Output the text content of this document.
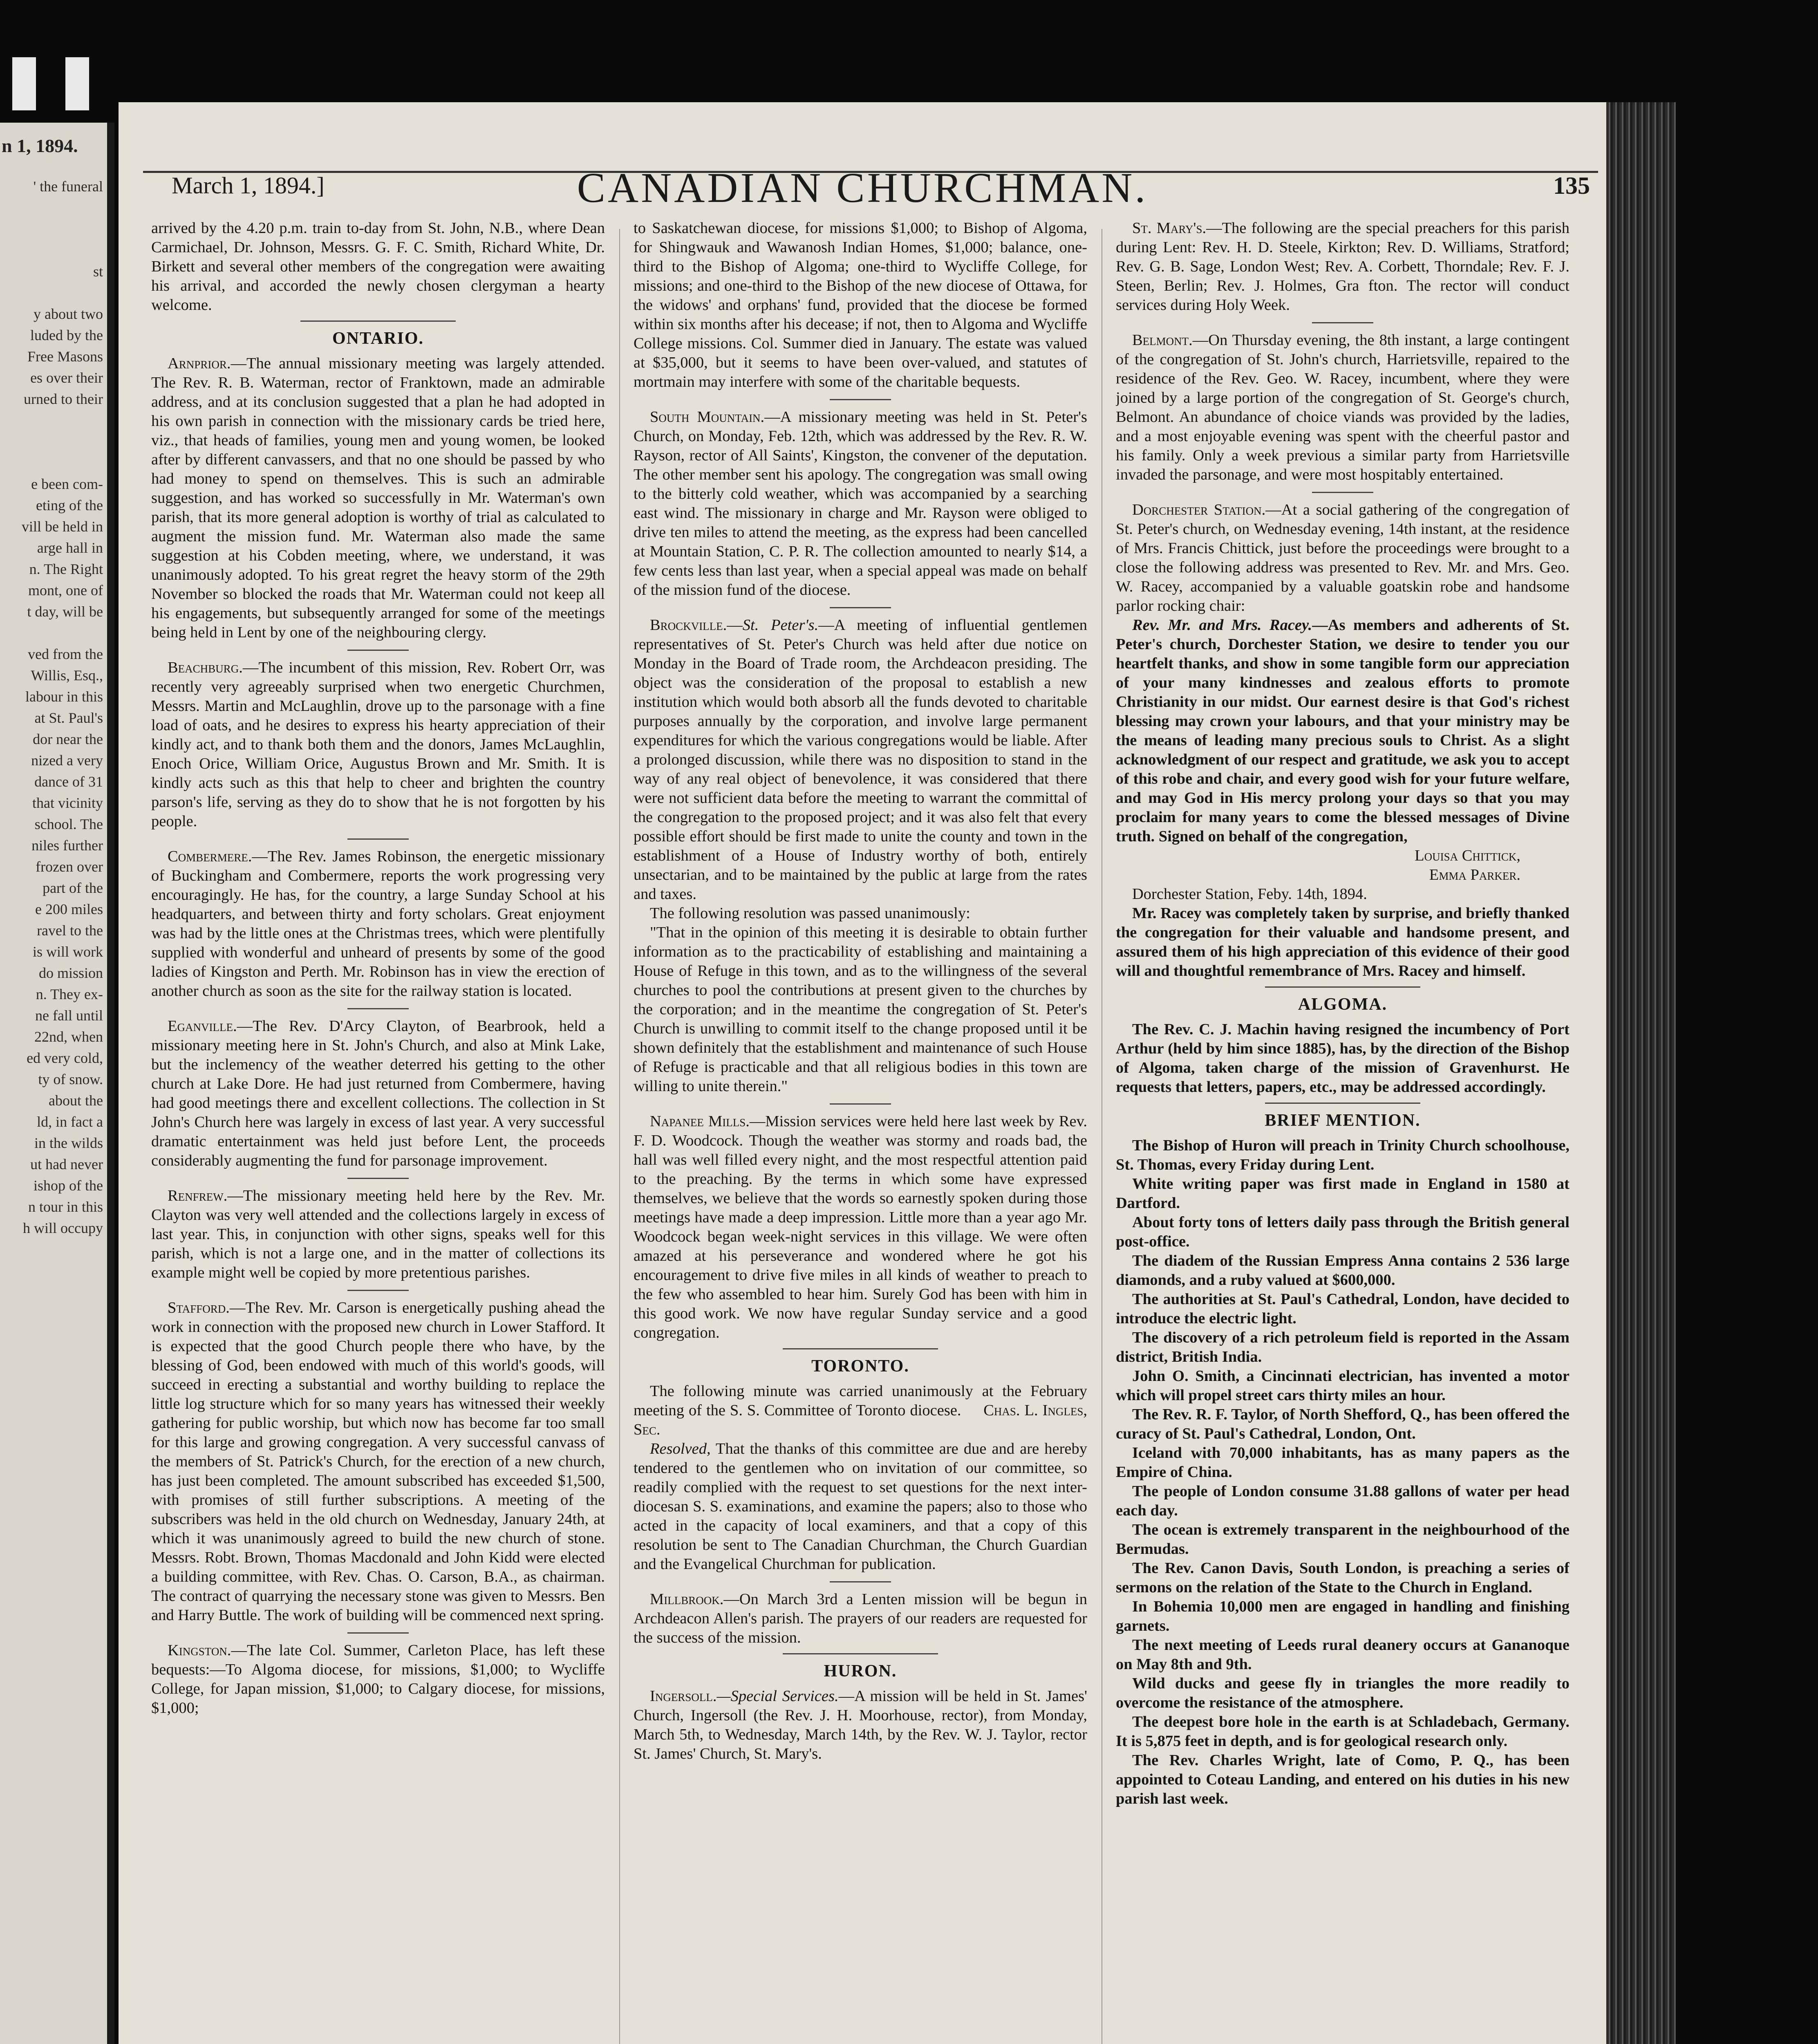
n 1, 1894.
' the funeral

st

y about two
luded by the
Free Masons
es over their
urned to their

e been com-
eting of the
vill be held in
arge hall in
n. The Right
mont, one of
t day, will be

ved from the
Willis, Esq.,
labour in this
at St. Paul's
dor near the
nized a very
dance of 31
that vicinity
school. The
niles further
frozen over
part of the
e 200 miles
ravel to the
is will work
do mission
n. They ex-
ne fall until
22nd, when
ed very cold,
ty of snow.
about the
ld, in fact a
in the wilds
ut had never
ishop of the
n tour in this
h will occupy
CANADIAN CHURCHMAN.
March 1, 1894.]	135

arrived by the 4.20 p.m. train to-day from St. John, N.B., where Dean Carmichael, Dr. Johnson, Messrs. G. F. C. Smith, Richard White, Dr. Birkett and several other members of the congregation were awaiting his arrival, and accorded the newly chosen clergyman a hearty welcome.

ONTARIO.

Arnprior.—The annual missionary meeting was largely attended. The Rev. R. B. Waterman, rector of Franktown, made an admirable address, and at its conclusion suggested that a plan he had adopted in his own parish in connection with the missionary cards be tried here, viz., that heads of families, young men and young women, be looked after by different canvassers, and that no one should be passed by who had money to spend on themselves. This is such an admirable suggestion, and has worked so successfully in Mr. Waterman's own parish, that its more general adoption is worthy of trial as calculated to augment the mission fund. Mr. Waterman also made the same suggestion at his Cobden meeting, where, we understand, it was unanimously adopted. To his great regret the heavy storm of the 29th November so blocked the roads that Mr. Waterman could not keep all his engagements, but subsequently arranged for some of the meetings being held in Lent by one of the neighbouring clergy.

Beachburg.—The incumbent of this mission, Rev. Robert Orr, was recently very agreeably surprised when two energetic Churchmen, Messrs. Martin and McLaughlin, drove up to the parsonage with a fine load of oats, and he desires to express his hearty appreciation of their kindly act, and to thank both them and the donors, James McLaughlin, Enoch Orice, William Orice, Augustus Brown and Mr. Smith. It is kindly acts such as this that help to cheer and brighten the country parson's life, serving as they do to show that he is not forgotten by his people.

Combermere.—The Rev. James Robinson, the energetic missionary of Buckingham and Combermere, reports the work progressing very encouragingly. He has, for the country, a large Sunday School at his headquarters, and between thirty and forty scholars. Great enjoyment was had by the little ones at the Christmas trees, which were plentifully supplied with wonderful and unheard of presents by some of the good ladies of Kingston and Perth. Mr. Robinson has in view the erection of another church as soon as the site for the railway station is located.

Eganville.—The Rev. D'Arcy Clayton, of Bearbrook, held a missionary meeting here in St. John's Church, and also at Mink Lake, but the inclemency of the weather deterred his getting to the other church at Lake Dore. He had just returned from Combermere, having had good meetings there and excellent collections. The collection in St John's Church here was largely in excess of last year. A very successful dramatic entertainment was held just before Lent, the proceeds considerably augmenting the fund for parsonage improvement.

Renfrew.—The missionary meeting held here by the Rev. Mr. Clayton was very well attended and the collections largely in excess of last year. This, in conjunction with other signs, speaks well for this parish, which is not a large one, and in the matter of collections its example might well be copied by more pretentious parishes.

Stafford.—The Rev. Mr. Carson is energetically pushing ahead the work in connection with the proposed new church in Lower Stafford. It is expected that the good Church people there who have, by the blessing of God, been endowed with much of this world's goods, will succeed in erecting a substantial and worthy building to replace the little log structure which for so many years has witnessed their weekly gathering for public worship, but which now has become far too small for this large and growing congregation. A very successful canvass of the members of St. Patrick's Church, for the erection of a new church, has just been completed. The amount subscribed has exceeded $1,500, with promises of still further subscriptions. A meeting of the subscribers was held in the old church on Wednesday, January 24th, at which it was unanimously agreed to build the new church of stone. Messrs. Robt. Brown, Thomas Macdonald and John Kidd were elected a building committee, with Rev. Chas. O. Carson, B.A., as chairman. The contract of quarrying the necessary stone was given to Messrs. Ben and Harry Buttle. The work of building will be commenced next spring.

Kingston.—The late Col. Summer, Carleton Place, has left these bequests:—To Algoma diocese, for missions, $1,000; to Wycliffe College, for Japan mission, $1,000; to Calgary diocese, for missions, $1,000;

to Saskatchewan diocese, for missions $1,000; to Bishop of Algoma, for Shingwauk and Wawanosh Indian Homes, $1,000; balance, one-third to the Bishop of Algoma; one-third to Wycliffe College, for missions; and one-third to the Bishop of the new diocese of Ottawa, for the widows' and orphans' fund, provided that the diocese be formed within six months after his decease; if not, then to Algoma and Wycliffe College missions. Col. Summer died in January. The estate was valued at $35,000, but it seems to have been over-valued, and statutes of mortmain may interfere with some of the charitable bequests.

South Mountain.—A missionary meeting was held in St. Peter's Church, on Monday, Feb. 12th, which was addressed by the Rev. R. W. Rayson, rector of All Saints', Kingston, the convener of the deputation. The other member sent his apology. The congregation was small owing to the bitterly cold weather, which was accompanied by a searching east wind. The missionary in charge and Mr. Rayson were obliged to drive ten miles to attend the meeting, as the express had been cancelled at Mountain Station, C. P. R. The collection amounted to nearly $14, a few cents less than last year, when a special appeal was made on behalf of the mission fund of the diocese.

Brockville.—St. Peter's.—A meeting of influential gentlemen representatives of St. Peter's Church was held after due notice on Monday in the Board of Trade room, the Archdeacon presiding. The object was the consideration of the proposal to establish a new institution which would both absorb all the funds devoted to charitable purposes annually by the corporation, and involve large permanent expenditures for which the various congregations would be liable. After a prolonged discussion, while there was no disposition to stand in the way of any real object of benevolence, it was considered that there were not sufficient data before the meeting to warrant the committal of the congregation to the proposed project; and it was also felt that every possible effort should be first made to unite the county and town in the establishment of a House of Industry worthy of both, entirely unsectarian, and to be maintained by the public at large from the rates and taxes.

The following resolution was passed unanimously:

"That in the opinion of this meeting it is desirable to obtain further information as to the practicability of establishing and maintaining a House of Refuge in this town, and as to the willingness of the several churches to pool the contributions at present given to the churches by the corporation; and in the meantime the congregation of St. Peter's Church is unwilling to commit itself to the change proposed until it be shown definitely that the establishment and maintenance of such House of Refuge is practicable and that all religious bodies in this town are willing to unite therein."

Napanee Mills.—Mission services were held here last week by Rev. F. D. Woodcock. Though the weather was stormy and roads bad, the hall was well filled every night, and the most respectful attention paid to the preaching. By the terms in which some have expressed themselves, we believe that the words so earnestly spoken during those meetings have made a deep impression. Little more than a year ago Mr. Woodcock began week-night services in this village. We were often amazed at his perseverance and wondered where he got his encouragement to drive five miles in all kinds of weather to preach to the few who assembled to hear him. Surely God has been with him in this good work. We now have regular Sunday service and a good congregation.

TORONTO.

The following minute was carried unanimously at the February meeting of the S. S. Committee of Toronto diocese. Chas. L. Ingles, Sec.

Resolved, That the thanks of this committee are due and are hereby tendered to the gentlemen who on invitation of our committee, so readily complied with the request to set questions for the next inter-diocesan S. S. examinations, and examine the papers; also to those who acted in the capacity of local examiners, and that a copy of this resolution be sent to The Canadian Churchman, the Church Guardian and the Evangelical Churchman for publication.

Millbrook.—On March 3rd a Lenten mission will be begun in Archdeacon Allen's parish. The prayers of our readers are requested for the success of the mission.

HURON.

Ingersoll.—Special Services.—A mission will be held in St. James' Church, Ingersoll (the Rev. J. H. Moorhouse, rector), from Monday, March 5th, to Wednesday, March 14th, by the Rev. W. J. Taylor, rector St. James' Church, St. Mary's.

St. Mary's.—The following are the special preachers for this parish during Lent: Rev. H. D. Steele, Kirkton; Rev. D. Williams, Stratford; Rev. G. B. Sage, London West; Rev. A. Corbett, Thorndale; Rev. F. J. Steen, Berlin; Rev. J. Holmes, Gra fton. The rector will conduct services during Holy Week.

Belmont.—On Thursday evening, the 8th instant, a large contingent of the congregation of St. John's church, Harrietsville, repaired to the residence of the Rev. Geo. W. Racey, incumbent, where they were joined by a large portion of the congregation of St. George's church, Belmont. An abundance of choice viands was provided by the ladies, and a most enjoyable evening was spent with the cheerful pastor and his family. Only a week previous a similar party from Harrietsville invaded the parsonage, and were most hospitably entertained.

Dorchester Station.—At a social gathering of the congregation of St. Peter's church, on Wednesday evening, 14th instant, at the residence of Mrs. Francis Chittick, just before the proceedings were brought to a close the following address was presented to Rev. Mr. and Mrs. Geo. W. Racey, accompanied by a valuable goatskin robe and handsome parlor rocking chair:

Rev. Mr. and Mrs. Racey.—As members and adherents of St. Peter's church, Dorchester Station, we desire to tender you our heartfelt thanks, and show in some tangible form our appreciation of your many kindnesses and zealous efforts to promote Christianity in our midst. Our earnest desire is that God's richest blessing may crown your labours, and that your ministry may be the means of leading many precious souls to Christ. As a slight acknowledgment of our respect and gratitude, we ask you to accept of this robe and chair, and every good wish for your future welfare, and may God in His mercy prolong your days so that you may proclaim for many years to come the blessed messages of Divine truth. Signed on behalf of the congregation,

Louisa Chittick,

Emma Parker.

Dorchester Station, Feby. 14th, 1894.

Mr. Racey was completely taken by surprise, and briefly thanked the congregation for their valuable and handsome present, and assured them of his high appreciation of this evidence of their good will and thoughtful remembrance of Mrs. Racey and himself.

ALGOMA.

The Rev. C. J. Machin having resigned the incumbency of Port Arthur (held by him since 1885), has, by the direction of the Bishop of Algoma, taken charge of the mission of Gravenhurst. He requests that letters, papers, etc., may be addressed accordingly.

BRIEF MENTION.

The Bishop of Huron will preach in Trinity Church schoolhouse, St. Thomas, every Friday during Lent.

White writing paper was first made in England in 1580 at Dartford.

About forty tons of letters daily pass through the British general post-office.

The diadem of the Russian Empress Anna contains 2 536 large diamonds, and a ruby valued at $600,000.

The authorities at St. Paul's Cathedral, London, have decided to introduce the electric light.

The discovery of a rich petroleum field is reported in the Assam district, British India.

John O. Smith, a Cincinnati electrician, has invented a motor which will propel street cars thirty miles an hour.

The Rev. R. F. Taylor, of North Shefford, Q., has been offered the curacy of St. Paul's Cathedral, London, Ont.

Iceland with 70,000 inhabitants, has as many papers as the Empire of China.

The people of London consume 31.88 gallons of water per head each day.

The ocean is extremely transparent in the neighbourhood of the Bermudas.

The Rev. Canon Davis, South London, is preaching a series of sermons on the relation of the State to the Church in England.

In Bohemia 10,000 men are engaged in handling and finishing garnets.

The next meeting of Leeds rural deanery occurs at Gananoque on May 8th and 9th.

Wild ducks and geese fly in triangles the more readily to overcome the resistance of the atmosphere.

The deepest bore hole in the earth is at Schladebach, Germany. It is 5,875 feet in depth, and is for geological research only.

The Rev. Charles Wright, late of Como, P. Q., has been appointed to Coteau Landing, and entered on his duties in his new parish last week.
